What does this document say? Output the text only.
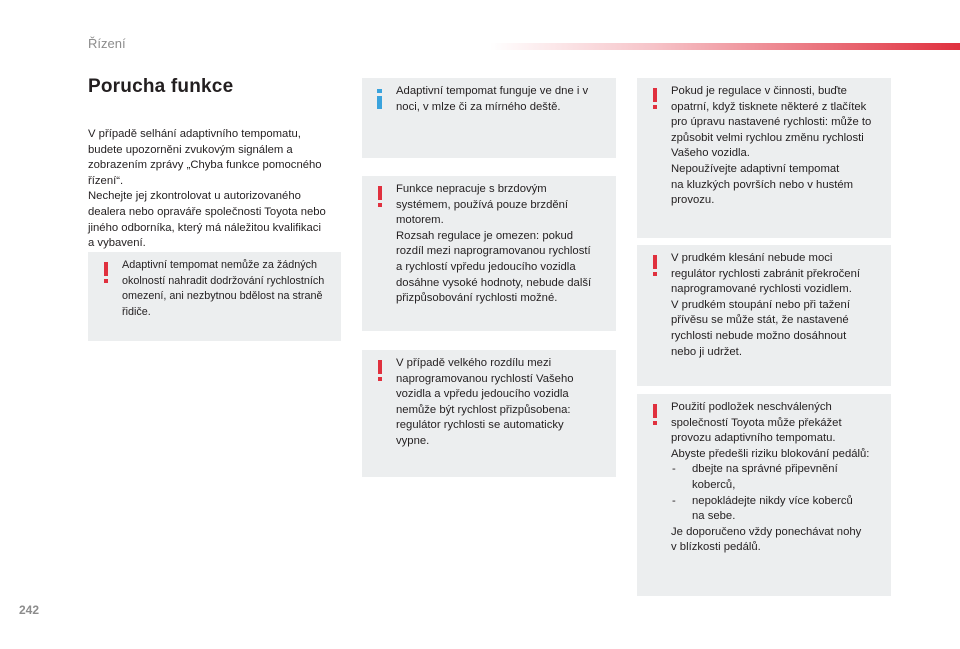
Řízení
Porucha funkce
V případě selhání adaptivního tempomatu,
budete upozorněni zvukovým signálem a
zobrazením zprávy „Chyba funkce pomocného
řízení“.
Nechejte jej zkontrolovat u autorizovaného
dealera nebo opraváře společnosti Toyota nebo
jiného odborníka, který má náležitou kvalifikaci
a vybavení.
Adaptivní tempomat nemůže za žádných
okolností nahradit dodržování rychlostních
omezení, ani nezbytnou bdělost na straně
řidiče.
Adaptivní tempomat funguje ve dne i v
noci, v mlze či za mírného deště.
Funkce nepracuje s brzdovým
systémem, používá pouze brzdění
motorem.
Rozsah regulace je omezen: pokud
rozdíl mezi naprogramovanou rychlostí
a rychlostí vpředu jedoucího vozidla
dosáhne vysoké hodnoty, nebude další
přizpůsobování rychlosti možné.
V případě velkého rozdílu mezi
naprogramovanou rychlostí Vašeho
vozidla a vpředu jedoucího vozidla
nemůže být rychlost přizpůsobena:
regulátor rychlosti se automaticky
vypne.
Pokud je regulace v činnosti, buďte
opatrní, když tisknete některé z tlačítek
pro úpravu nastavené rychlosti: může to
způsobit velmi rychlou změnu rychlosti
Vašeho vozidla.
Nepoužívejte adaptivní tempomat
na kluzkých površích nebo v hustém
provozu.
V prudkém klesání nebude moci
regulátor rychlosti zabránit překročení
naprogramované rychlosti vozidlem.
V prudkém stoupání nebo při tažení
přívěsu se může stát, že nastavené
rychlosti nebude možno dosáhnout
nebo ji udržet.
Použití podložek neschválených
společností Toyota může překážet
provozu adaptivního tempomatu.
Abyste předešli riziku blokování pedálů:
- dbejte na správné připevnění
koberců,
- nepokládejte nikdy více koberců
na sebe.
Je doporučeno vždy ponechávat nohy
v blízkosti pedálů.
242
